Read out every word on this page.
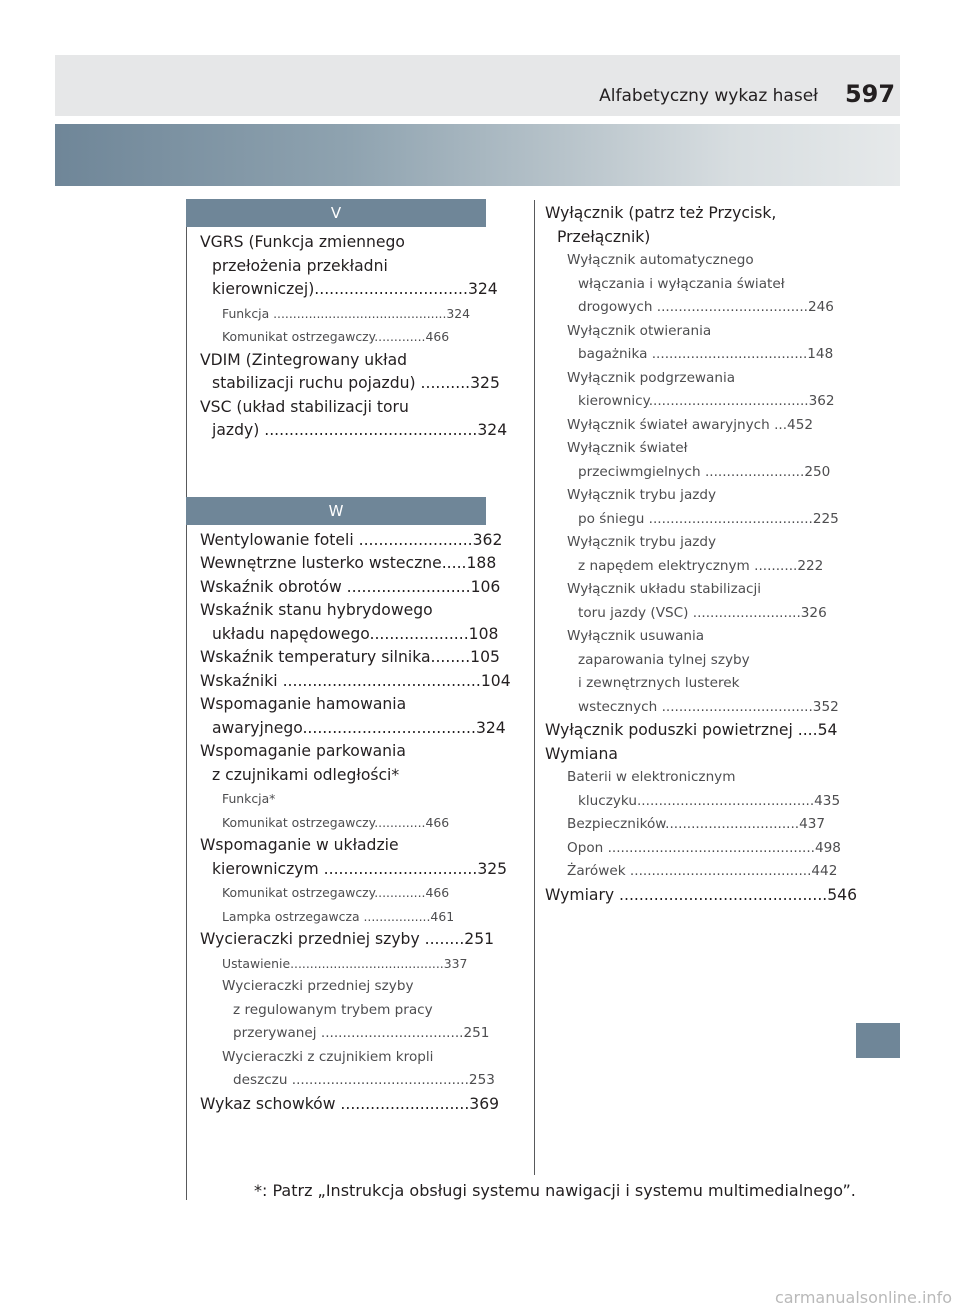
Alfabetyczny wykaz haseł	597
V
VGRS (Funkcja zmiennego
przełożenia przekładni
kierowniczej)...............................324
Funkcja ............................................324
Komunikat ostrzegawczy.............466
VDIM (Zintegrowany układ
stabilizacji ruchu pojazdu) ..........325
VSC (układ stabilizacji toru
jazdy) ...........................................324
W
Wentylowanie foteli .......................362
Wewnętrzne lusterko wsteczne.....188
Wskaźnik obrotów .........................106
Wskaźnik stanu hybrydowego
układu napędowego....................108
Wskaźnik temperatury silnika........105
Wskaźniki ........................................104
Wspomaganie hamowania
awaryjnego...................................324
Wspomaganie parkowania
z czujnikami odległości*
Funkcja*
Komunikat ostrzegawczy.............466
Wspomaganie w układzie
kierowniczym ...............................325
Komunikat ostrzegawczy.............466
Lampka ostrzegawcza .................461
Wycieraczki przedniej szyby ........251
Ustawienie.......................................337
Wycieraczki przedniej szyby
z regulowanym trybem pracy
przerywanej .................................251
Wycieraczki z czujnikiem kropli
deszczu .........................................253
Wykaz schowków ..........................369
Wyłącznik (patrz też Przycisk,
Przełącznik)
Wyłącznik automatycznego
włączania i wyłączania świateł
drogowych ...................................246
Wyłącznik otwierania
bagażnika ....................................148
Wyłącznik podgrzewania
kierownicy.....................................362
Wyłącznik świateł awaryjnych ...452
Wyłącznik świateł
przeciwmgielnych .......................250
Wyłącznik trybu jazdy
po śniegu ......................................225
Wyłącznik trybu jazdy
z napędem elektrycznym ..........222
Wyłącznik układu stabilizacji
toru jazdy (VSC) .........................326
Wyłącznik usuwania
zaparowania tylnej szyby
i zewnętrznych lusterek
wstecznych ...................................352
Wyłącznik poduszki powietrznej ....54
Wymiana
Baterii w elektronicznym
kluczyku.........................................435
Bezpieczników...............................437
Opon ................................................498
Żarówek ..........................................442
Wymiary ..........................................546
*: Patrz „Instrukcja obsługi systemu nawigacji i systemu multimedialnego”.
carmanualsonline.info
